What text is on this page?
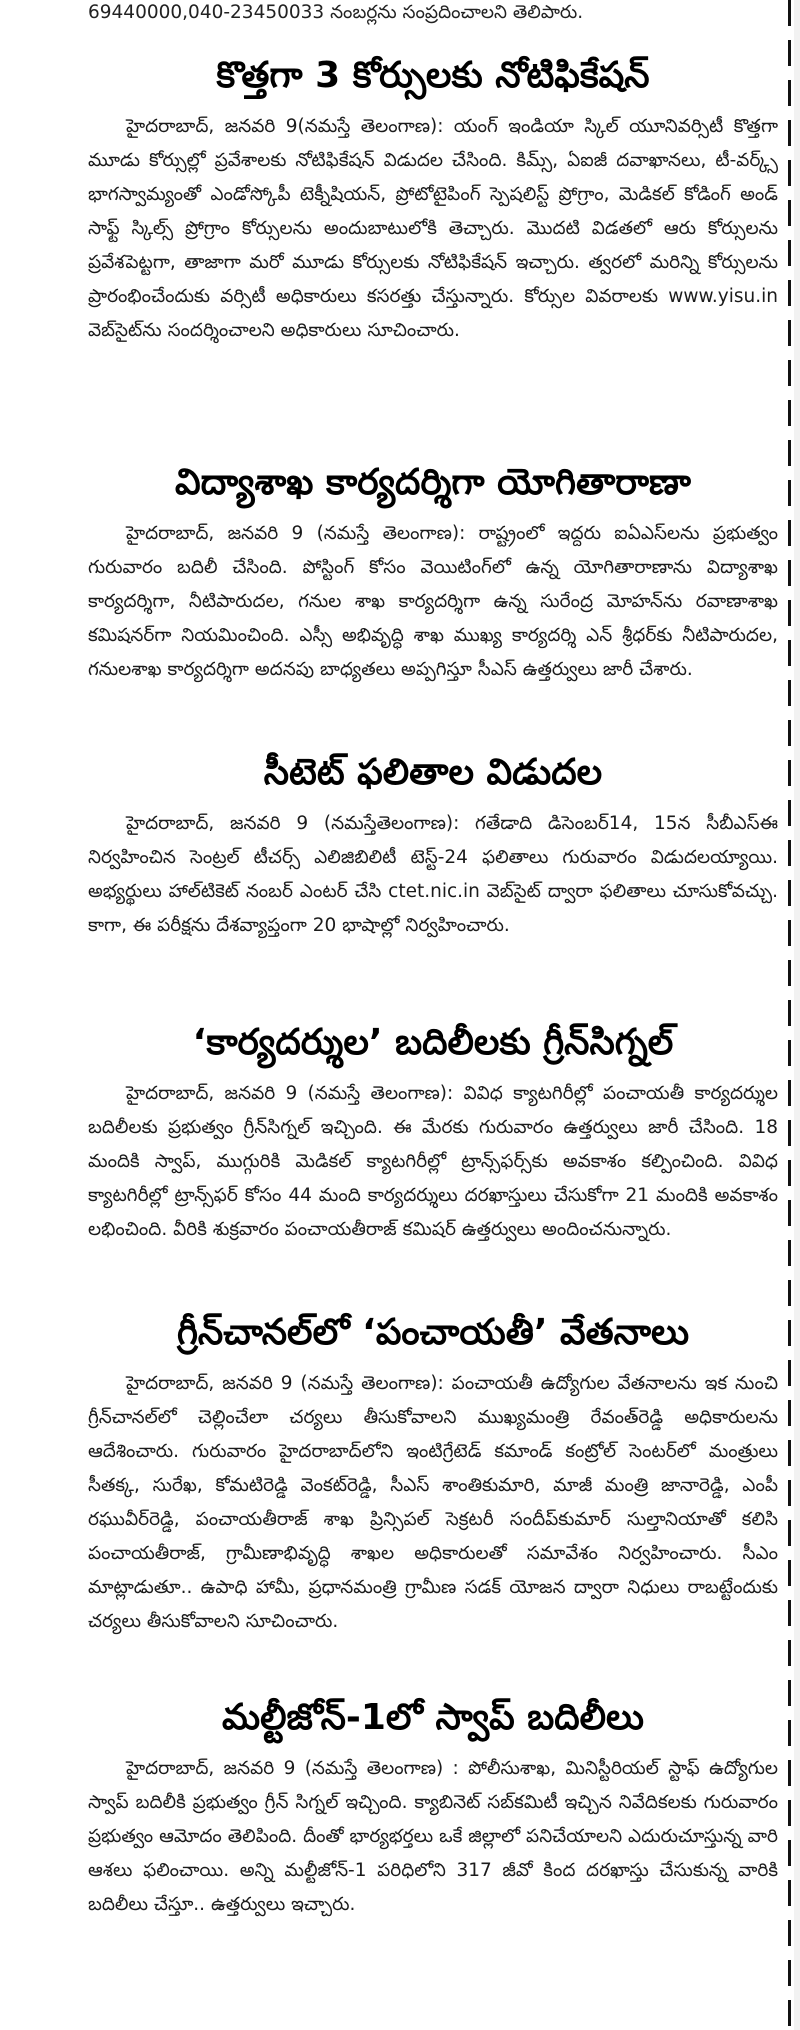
69440000,040-23450033 నంబర్లను సంప్రదించాలని తెలిపారు.
కొత్తగా 3 కోర్సులకు నోటిఫికేషన్

హైదరాబాద్, జనవరి 9(నమస్తే తెలంగాణ): యంగ్ ఇండియా స్కిల్ యూనివర్సిటీ కొత్తగా మూడు కోర్సుల్లో ప్రవేశాలకు నోటిఫికేషన్ విడుదల చేసింది. కిమ్స్, ఏఐజీ దవాఖానలు, టీ-వర్క్స్ భాగస్వామ్యంతో ఎండోస్కోపీ టెక్నీషియన్, ప్రోటోటైపింగ్ స్పెషలిస్ట్ ప్రోగ్రాం, మెడికల్ కోడింగ్ అండ్ సాఫ్ట్ స్కిల్స్ ప్రోగ్రాం కోర్సులను అందుబాటులోకి తెచ్చారు. మొదటి విడతలో ఆరు కోర్సులను ప్రవేశపెట్టగా, తాజాగా మరో మూడు కోర్సులకు నోటిఫికేషన్ ఇచ్చారు. త్వరలో మరిన్ని కోర్సులను ప్రారంభించేందుకు వర్సిటీ అధికారులు కసరత్తు చేస్తున్నారు. కోర్సుల వివరాలకు www.yisu.in వెబ్‌సైట్‌ను సందర్శించాలని అధికారులు సూచించారు.

విద్యాశాఖ కార్యదర్శిగా యోగితారాణా

హైదరాబాద్, జనవరి 9 (నమస్తే తెలంగాణ): రాష్ట్రంలో ఇద్దరు ఐఏఎస్‌లను ప్రభుత్వం గురువారం బదిలీ చేసింది. పోస్టింగ్ కోసం వెయిటింగ్‌లో ఉన్న యోగితారాణాను విద్యాశాఖ కార్యదర్శిగా, నీటిపారుదల, గనుల శాఖ కార్యదర్శిగా ఉన్న సురేంద్ర మోహన్‌ను రవాణాశాఖ కమిషనర్‌గా నియమించింది. ఎస్సీ అభివృద్ధి శాఖ ముఖ్య కార్యదర్శి ఎన్ శ్రీధర్‌కు నీటిపారుదల, గనులశాఖ కార్యదర్శిగా అదనపు బాధ్యతలు అప్పగిస్తూ సీఎస్ ఉత్తర్వులు జారీ చేశారు.

సీటెట్ ఫలితాల విడుదల

హైదరాబాద్, జనవరి 9 (నమస్తేతెలంగాణ): గతేడాది డిసెంబర్14, 15న సీబీఎస్‌ఈ నిర్వహించిన సెంట్రల్ టీచర్స్ ఎలిజిబిలిటీ టెస్ట్-24 ఫలితాలు గురువారం విడుదలయ్యాయి. అభ్యర్థులు హాల్‌టికెట్ నంబర్ ఎంటర్ చేసి ctet.nic.in వెబ్‌సైట్ ద్వారా ఫలితాలు చూసుకోవచ్చు. కాగా, ఈ పరీక్షను దేశవ్యాప్తంగా 20 భాషాల్లో నిర్వహించారు.

‘కార్యదర్శుల’ బదిలీలకు గ్రీన్‌సిగ్నల్

హైదరాబాద్, జనవరి 9 (నమస్తే తెలంగాణ): వివిధ క్యాటగిరీల్లో పంచాయతీ కార్యదర్శుల బదిలీలకు ప్రభుత్వం గ్రీన్‌సిగ్నల్ ఇచ్చింది. ఈ మేరకు గురువారం ఉత్తర్వులు జారీ చేసింది. 18 మందికి స్వాప్, ముగ్గురికి మెడికల్ క్యాటగిరీల్లో ట్రాన్స్‌ఫర్స్‌కు అవకాశం కల్పించింది. వివిధ క్యాటగిరీల్లో ట్రాన్స్‌ఫర్ కోసం 44 మంది కార్యదర్శులు దరఖాస్తులు చేసుకోగా 21 మందికి అవకాశం లభించింది. వీరికి శుక్రవారం పంచాయతీరాజ్ కమిషర్ ఉత్తర్వులు అందించనున్నారు.

గ్రీన్‌చానల్‌లో ‘పంచాయతీ’ వేతనాలు

హైదరాబాద్, జనవరి 9 (నమస్తే తెలంగాణ): పంచాయతీ ఉద్యోగుల వేతనాలను ఇక నుంచి గ్రీన్‌చానల్‌లో చెల్లించేలా చర్యలు తీసుకోవాలని ముఖ్యమంత్రి రేవంత్‌రెడ్డి అధికారులను ఆదేశించారు. గురువారం హైదరాబాద్‌లోని ఇంటిగ్రేటెడ్ కమాండ్ కంట్రోల్ సెంటర్‌లో మంత్రులు సీతక్క, సురేఖ, కోమటిరెడ్డి వెంకట్‌రెడ్డి, సీఎస్ శాంతికుమారి, మాజీ మంత్రి జానారెడ్డి, ఎంపీ రఘువీర్‌రెడ్డి, పంచాయతీరాజ్ శాఖ ప్రిన్సిపల్ సెక్రటరీ సందీప్‌కుమార్ సుల్తానియాతో కలిసి పంచాయతీరాజ్, గ్రామీణాభివృద్ధి శాఖల అధికారులతో సమావేశం నిర్వహించారు. సీఎం మాట్లాడుతూ.. ఉపాధి హామీ, ప్రధానమంత్రి గ్రామీణ సడక్ యోజన ద్వారా నిధులు రాబట్టేందుకు చర్యలు తీసుకోవాలని సూచించారు.

మల్టీజోన్-1లో స్వాప్ బదిలీలు

హైదరాబాద్, జనవరి 9 (నమస్తే తెలంగాణ) : పోలీసుశాఖ, మినిస్టీరియల్ స్టాఫ్ ఉద్యోగుల స్వాప్ బదిలీకి ప్రభుత్వం గ్రీన్ సిగ్నల్ ఇచ్చింది. క్యాబినెట్ సబ్‌కమిటీ ఇచ్చిన నివేదికలకు గురువారం ప్రభుత్వం ఆమోదం తెలిపింది. దీంతో భార్యభర్తలు ఒకే జిల్లాలో పనిచేయాలని ఎదురుచూస్తున్న వారి ఆశలు ఫలించాయి. అన్ని మల్టీజోన్-1 పరిధిలోని 317 జీవో కింద దరఖాస్తు చేసుకున్న వారికి బదిలీలు చేస్తూ.. ఉత్తర్వులు ఇచ్చారు.
